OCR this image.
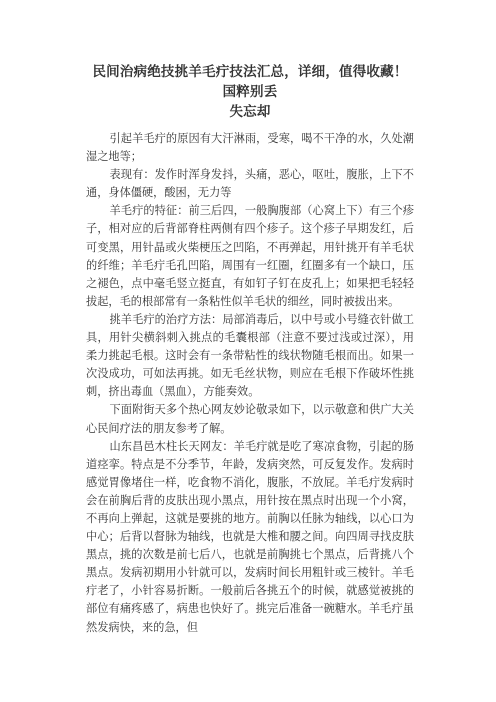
民间治病绝技挑羊毛疔技法汇总，详细，值得收藏！国粹别丢
失忘却

引起羊毛疔的原因有大汗淋雨，受寒，喝不干净的水，久处潮湿之地等；

表现有：发作时浑身发抖，头痛，恶心，呕吐，腹胀，上下不通，身体僵硬，酸困，无力等

羊毛疔的特征：前三后四，一般胸腹部（心窝上下）有三个疹子，相对应的后背部脊柱两侧有四个疹子。这个疹子早期发红，后可变黑，用针晶或火柴梗压之凹陷，不再弹起，用针挑开有羊毛状的纤维；羊毛疔毛孔凹陷，周围有一红圈，红圈多有一个缺口，压之褪色，点中毫毛竖立挺直，有如钉子钉在皮孔上；如果把毛轻轻拔起，毛的根部常有一条粘性似羊毛状的细丝，同时被拔出来。

挑羊毛疔的治疗方法：局部消毒后，以中号或小号缝衣针做工具，用针尖横斜刺入挑点的毛囊根部（注意不要过浅或过深），用柔力挑起毛根。这时会有一条带粘性的线状物随毛根而出。如果一次没成功，可如法再挑。如无毛丝状物，则应在毛根下作破坏性挑刺，挤出毒血（黑血），方能奏效。

下面附街天多个热心网友妙论敬录如下，以示敬意和供广大关心民间疗法的朋友参考了解。

山东昌邑木柱长天网友：羊毛疔就是吃了寒凉食物，引起的肠道痉挛。特点是不分季节，年龄，发病突然，可反复发作。发病时感觉胃像堵住一样，吃食物不消化，腹胀，不放屁。羊毛疔发病时会在前胸后背的皮肤出现小黑点，用针按在黑点时出现一个小窝，不再向上弹起，这就是要挑的地方。前胸以任脉为轴线，以心口为中心；后背以督脉为轴线，也就是大椎和腰之间。向四周寻找皮肤黑点，挑的次数是前七后八，也就是前胸挑七个黑点，后背挑八个黑点。发病初期用小针就可以，发病时间长用粗针或三棱针。羊毛疔老了，小针容易折断。一般前后各挑五个的时候，就感觉被挑的部位有痛疼感了，病患也快好了。挑完后准备一碗糖水。羊毛疔虽然发病快，来的急，但
